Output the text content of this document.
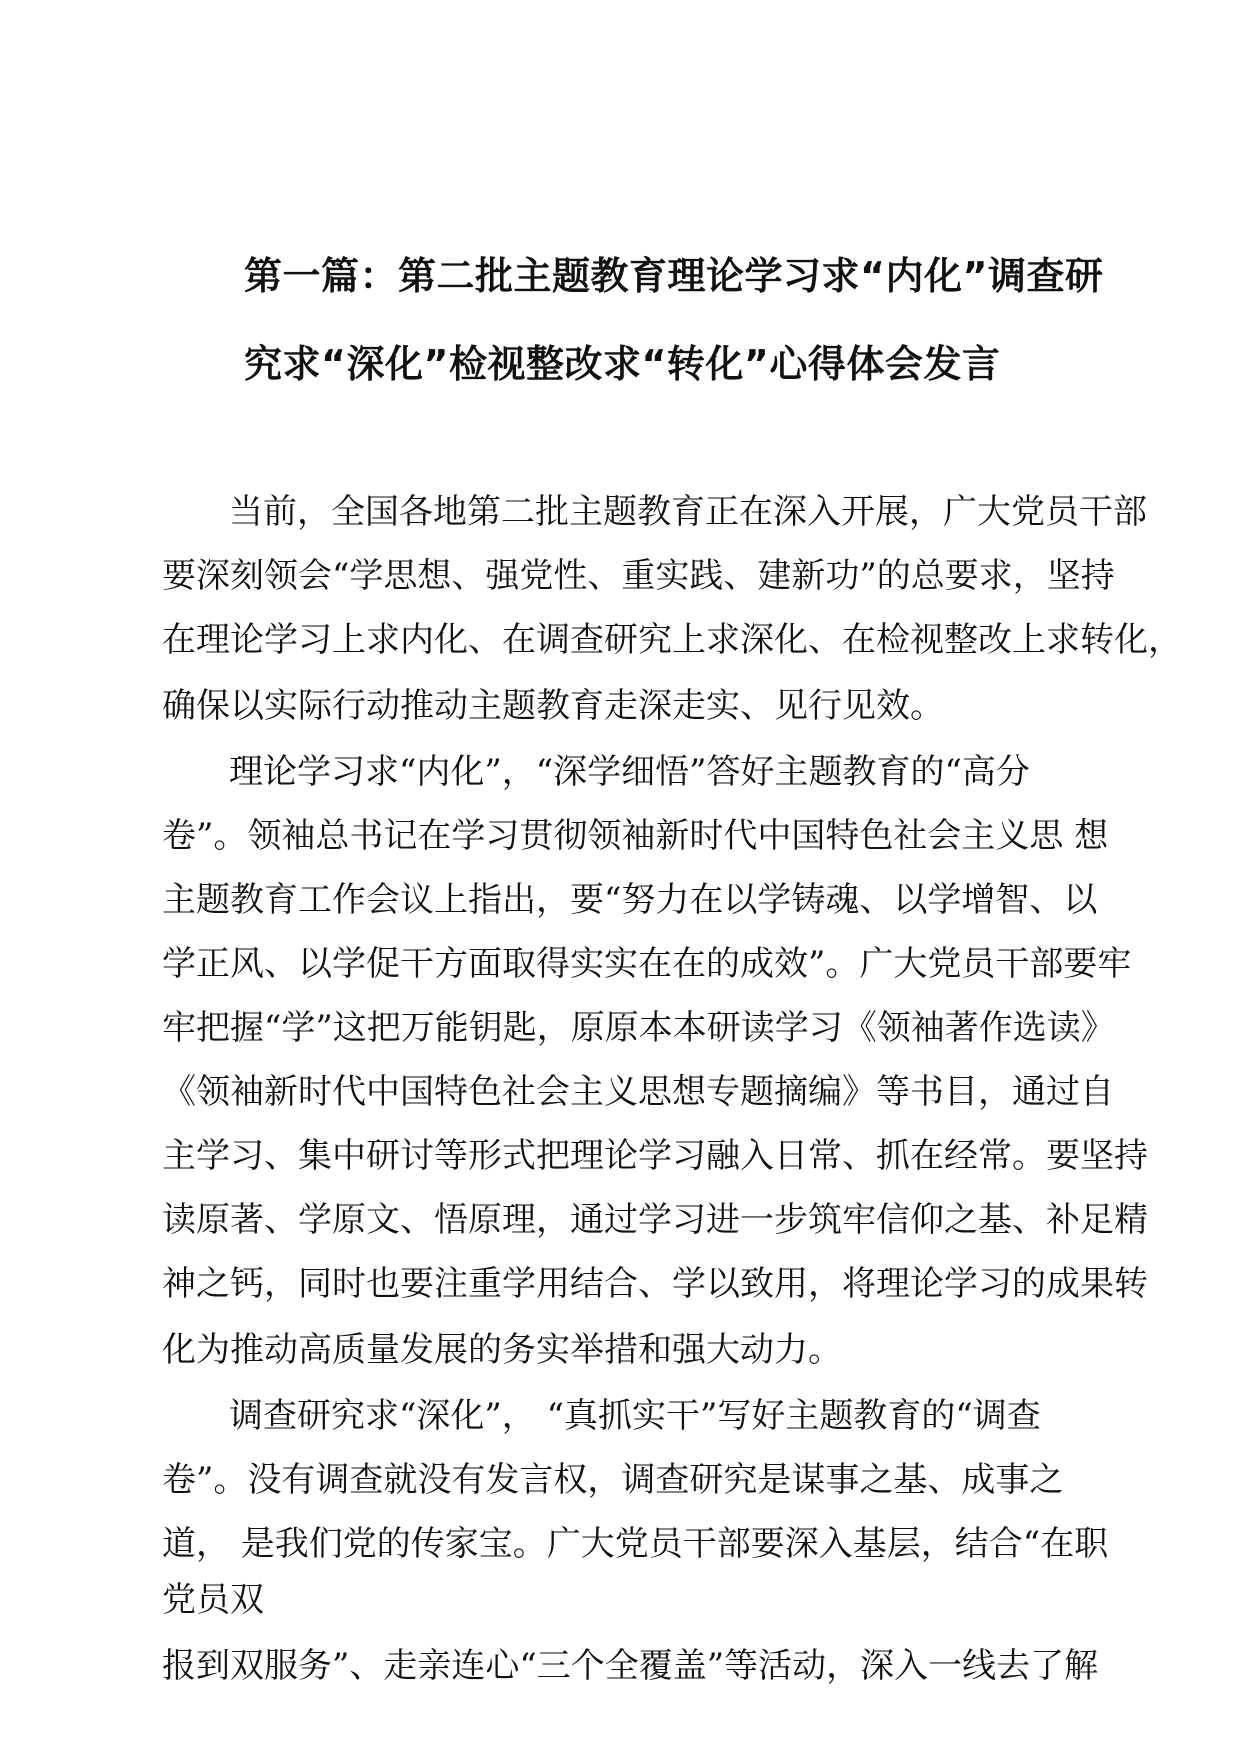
第一篇：第二批主题教育理论学习求“内化”调查研
究求“深化”检视整改求“转化”心得体会发言

当前，全国各地第二批主题教育正在深入开展，广大党员干部

要深刻领会“学思想、强党性、重实践、建新功”的总要求，坚持

在理论学习上求内化、在调查研究上求深化、在检视整改上求转化，

确保以实际行动推动主题教育走深走实、见行见效。

理论学习求“内化”，“深学细悟”答好主题教育的“高分

卷”。领袖总书记在学习贯彻领袖新时代中国特色社会主义思 想

主题教育工作会议上指出，要“努力在以学铸魂、以学增智、以

学正风、以学促干方面取得实实在在的成效”。广大党员干部要牢

牢把握“学”这把万能钥匙，原原本本研读学习《领袖著作选读》

《领袖新时代中国特色社会主义思想专题摘编》等书目，通过自

主学习、集中研讨等形式把理论学习融入日常、抓在经常。要坚持

读原著、学原文、悟原理，通过学习进一步筑牢信仰之基、补足精

神之钙，同时也要注重学用结合、学以致用，将理论学习的成果转

化为推动高质量发展的务实举措和强大动力。

调查研究求“深化”， “真抓实干”写好主题教育的“调查

卷”。没有调查就没有发言权，调查研究是谋事之基、成事之

道， 是我们党的传家宝。广大党员干部要深入基层，结合“在职

党员双

报到双服务”、走亲连心“三个全覆盖”等活动，深入一线去了解
